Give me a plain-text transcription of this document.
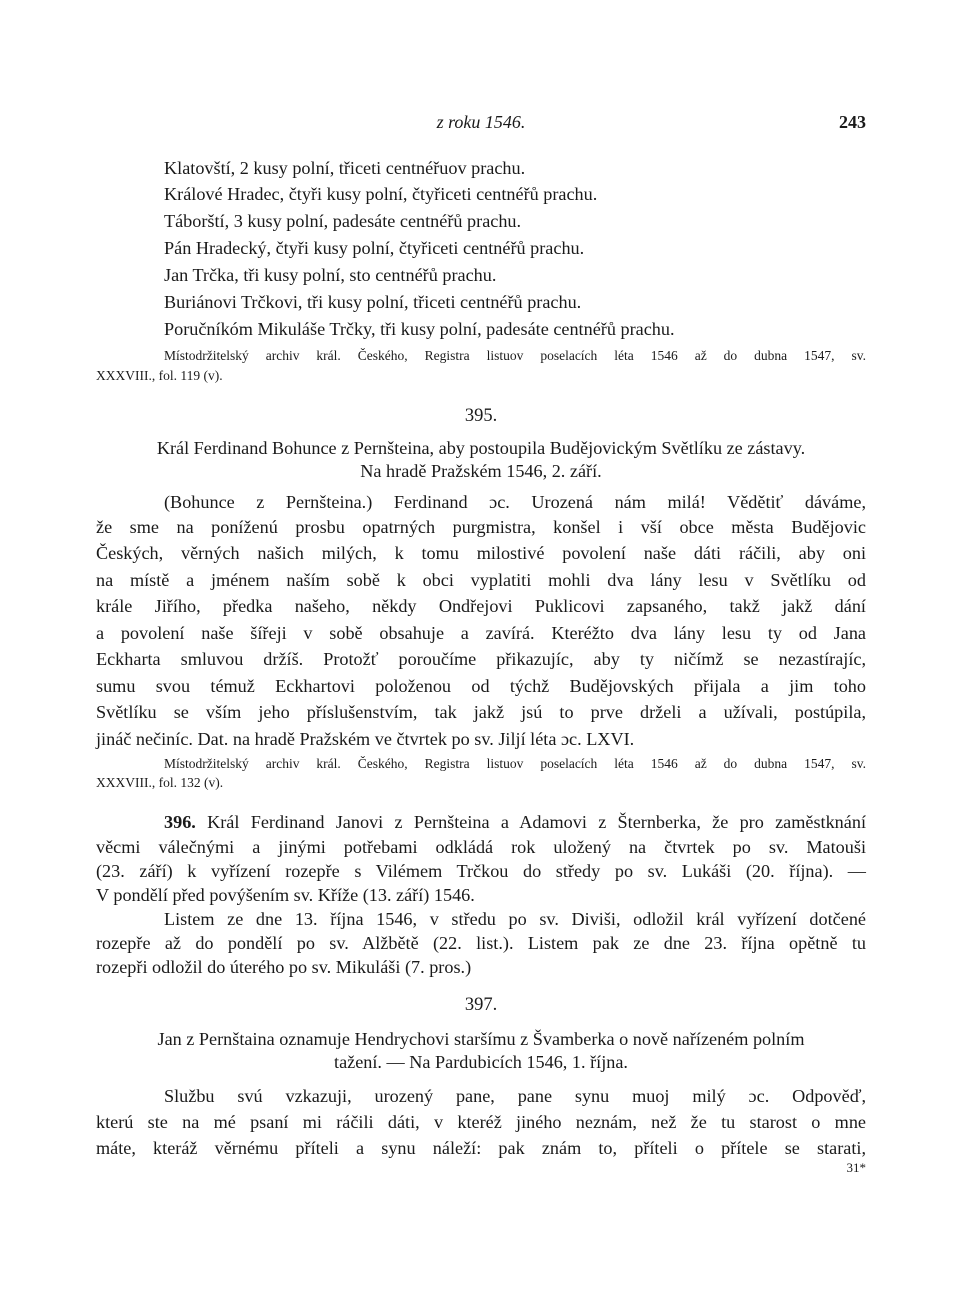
z roku 1546.	243
Klatovští, 2 kusy polní, třiceti centnéřuov prachu.
Králové Hradec, čtyři kusy polní, čtyřiceti centnéřů prachu.
Táborští, 3 kusy polní, padesáte centnéřů prachu.
Pán Hradecký, čtyři kusy polní, čtyřiceti centnéřů prachu.
Jan Trčka, tři kusy polní, sto centnéřů prachu.
Buriánovi Trčkovi, tři kusy polní, třiceti centnéřů prachu.
Poručníkóm Mikuláše Trčky, tři kusy polní, padesáte centnéřů prachu.
Místodržitelský archiv král. Českého, Registra listuov poselacích léta 1546 až do dubna 1547, sv.
XXXVIII., fol. 119 (v).
395.
Král Ferdinand Bohunce z Pernšteina, aby postoupila Budějovickým Světlíku ze zástavy.
Na hradě Pražském 1546, 2. září.
(Bohunce z Pernšteina.) Ferdinand ɔc. Urozená nám milá! Vědětiť dáváme,
že sme na poníženú prosbu opatrných purgmistra, konšel i vší obce města Budějovic
Českých, věrných našich milých, k tomu milostivé povolení naše dáti ráčili, aby oni
na místě a jménem naším sobě k obci vyplatiti mohli dva lány lesu v Světlíku od
krále Jiřího, předka našeho, někdy Ondřejovi Puklicovi zapsaného, takž jakž dání
a povolení naše šířeji v sobě obsahuje a zavírá. Kteréžto dva lány lesu ty od Jana
Eckharta smluvou držíš. Protožť poroučíme přikazujíc, aby ty ničímž se nezastírajíc,
sumu svou témuž Eckhartovi položenou od týchž Budějovských přijala a jim toho
Světlíku se vším jeho příslušenstvím, tak jakž jsú to prve drželi a užívali, postúpila,
jináč nečiníc. Dat. na hradě Pražském ve čtvrtek po sv. Jiljí léta ɔc. LXVI.
Místodržitelský archiv král. Českého, Registra listuov poselacích léta 1546 až do dubna 1547, sv.
XXXVIII., fol. 132 (v).
396. Král Ferdinand Janovi z Pernšteina a Adamovi z Šternberka, že pro zaměstknání
věcmi válečnými a jinými potřebami odkládá rok uložený na čtvrtek po sv. Matouši
(23. září) k vyřízení rozepře s Vilémem Trčkou do středy po sv. Lukáši (20. října). —
V pondělí před povýšením sv. Kříže (13. září) 1546.
Listem ze dne 13. října 1546, v středu po sv. Diviši, odložil král vyřízení dotčené
rozepře až do pondělí po sv. Alžbětě (22. list.). Listem pak ze dne 23. října opětně tu
rozepři odložil do úterého po sv. Mikuláši (7. pros.)
397.
Jan z Pernštaina oznamuje Hendrychovi staršímu z Švamberka o nově nařízeném polním
tažení. — Na Pardubicích 1546, 1. října.
Službu svú vzkazuji, urozený pane, pane synu muoj milý ɔc. Odpověď,
kterú ste na mé psaní mi ráčili dáti, v kteréž jiného neznám, než že tu starost o mne
máte, kteráž věrnému příteli a synu náleží: pak znám to, příteli o přítele se starati,
31*
